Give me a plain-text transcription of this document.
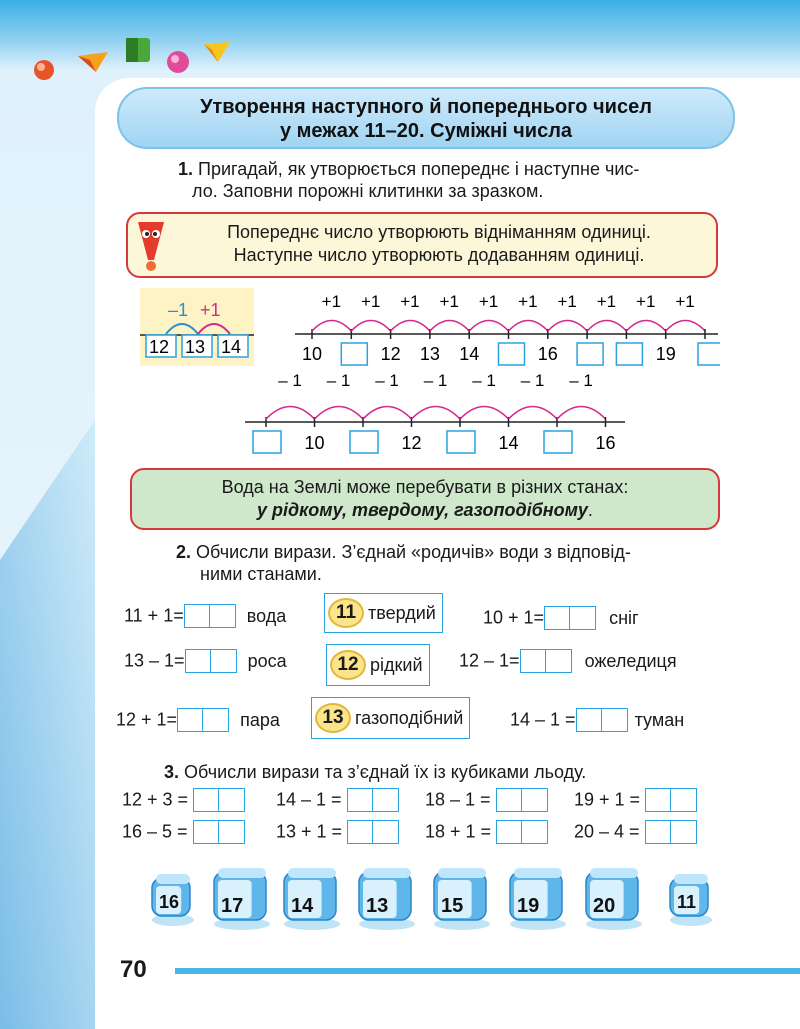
Утворення наступного й попереднього чисел
у межах 11–20. Суміжні числа
1. Пригадай, як утворюється попереднє і наступне чис-
ло. Заповни порожні клитинки за зразком.
Попереднє число утворюють відніманням одиниці.
Наступне число утворюють додаванням одиниці.
–1 +1
12 13 14	10
+1 +1
12
+1
13
+1
14
+1 +1
16
+1 +1 +1
19
+1
– 1
10
– 1 – 1
12
– 1 – 1
14
– 1 – 1
16
Вода на Землі може перебувати в різних станах:
у рідкому, твердому, газоподібному.
2. Обчисли вирази. З’єднай «родичів» води з відповід-
ними станами.
11 + 1=	вода	10 + 1=	сніг
13 – 1=	роса	12 – 1=	ожеледиця
12 + 1=	пара	14 – 1 =	туман
11 твердий
12 рідкий
13 газоподібний
3. Обчисли вирази та з’єднай їх із кубиками льоду.
12 + 3 =	14 – 1 =	18 – 1 =	19 + 1 =
16 – 5 =	13 + 1 =	18 + 1 =	20 – 4 =
16 17 14	13	15	19	20	11
70
